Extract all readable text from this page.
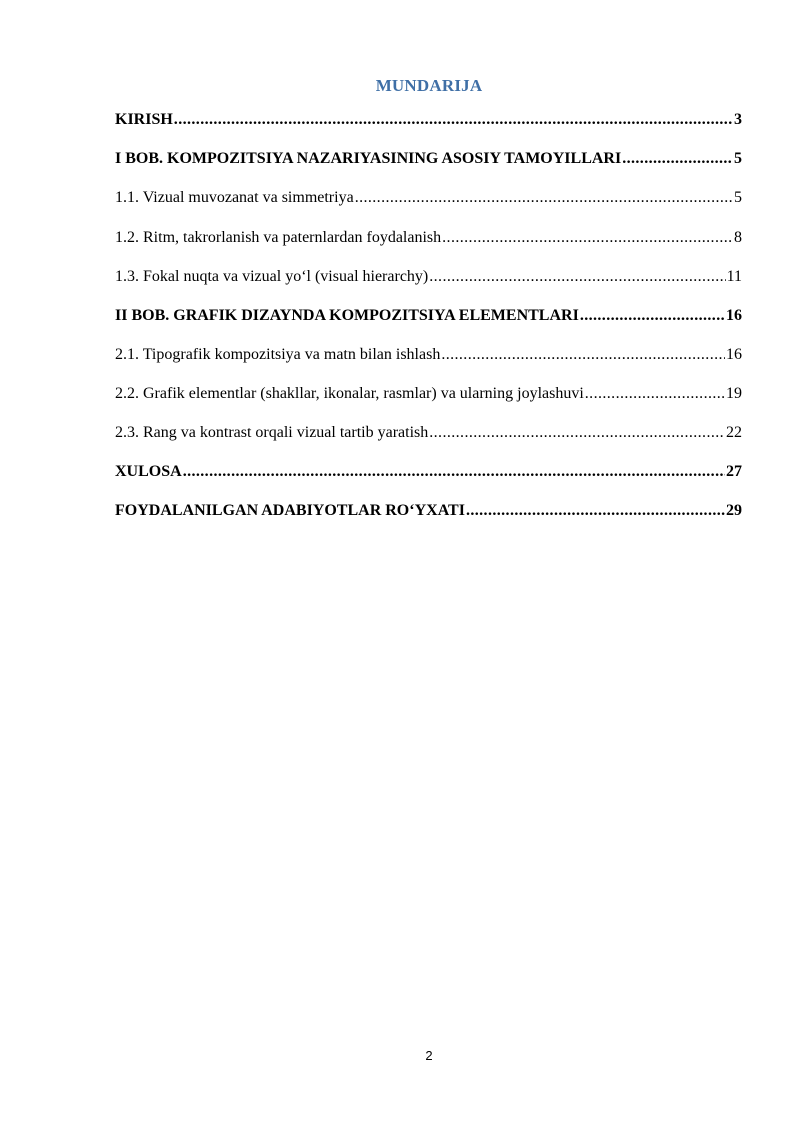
MUNDARIJA
KIRISH .....	3
I BOB. KOMPOZITSIYA NAZARIYASINING ASOSIY TAMOYILLARI .....	5
1.1. Vizual muvozanat va simmetriya .....	5
1.2. Ritm, takrorlanish va paternlardan foydalanish .....	8
1.3. Fokal nuqta va vizual yo‘l (visual hierarchy) .....	11
II BOB. GRAFIK DIZAYNDA KOMPOZITSIYA ELEMENTLARI .....	16
2.1. Tipografik kompozitsiya va matn bilan ishlash .....	16
2.2. Grafik elementlar (shakllar, ikonalar, rasmlar) va ularning joylashuvi .....	19
2.3. Rang va kontrast orqali vizual tartib yaratish .....	22
XULOSA .....	27
FOYDALANILGAN ADABIYOTLAR RO‘YXATI .....	29
2
